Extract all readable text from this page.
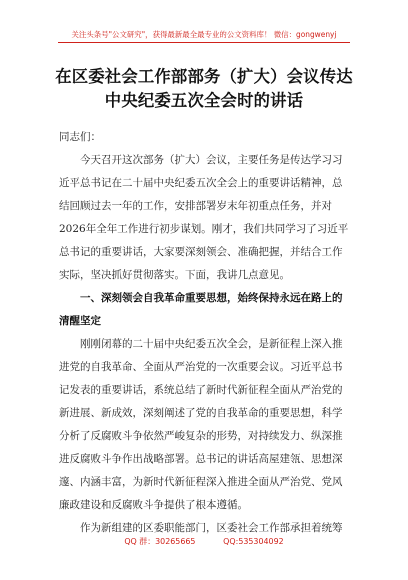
关注头条号"公文研究"，获得最新最全最专业的公文资料库！ 微信：gongwenyj
在区委社会工作部部务（扩大）会议传达
中央纪委五次全会时的讲话
同志们：
　　今天召开这次部务（扩大）会议，主要任务是传达学习习
近平总书记在二十届中央纪委五次全会上的重要讲话精神，总
结回顾过去一年的工作，安排部署岁末年初重点任务，并对
2026年全年工作进行初步谋划。刚才，我们共同学习了习近平
总书记的重要讲话，大家要深刻领会、准确把握，并结合工作
实际，坚决抓好贯彻落实。下面，我讲几点意见。
　　一、深刻领会自我革命重要思想，始终保持永远在路上的
清醒坚定
　　刚刚闭幕的二十届中央纪委五次全会，是新征程上深入推
进党的自我革命、全面从严治党的一次重要会议。习近平总书
记发表的重要讲话，系统总结了新时代新征程全面从严治党的
新进展、新成效，深刻阐述了党的自我革命的重要思想，科学
分析了反腐败斗争依然严峻复杂的形势，对持续发力、纵深推
进反腐败斗争作出战略部署。总书记的讲话高屋建瓴、思想深
邃、内涵丰富，为新时代新征程深入推进全面从严治党、党风
廉政建设和反腐败斗争提供了根本遵循。
　　作为新组建的区委职能部门，区委社会工作部承担着统筹
QQ 群：30265665	QQ:535304092
